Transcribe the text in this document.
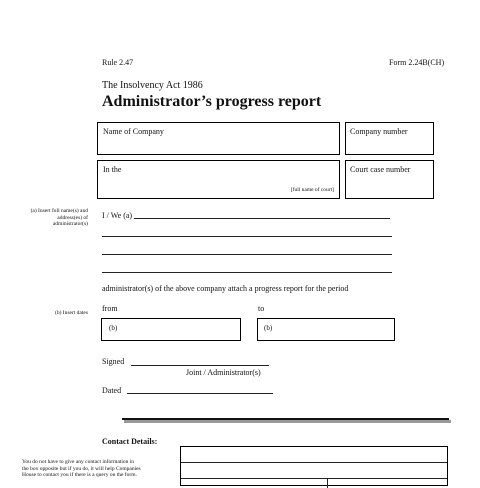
Rule 2.47	Form 2.24B(CH)
The Insolvency Act 1986
Administrator’s progress report
Name of Company	Company number
In the
[full name of court]
Court case number
(a) Insert full name(s) and
address(es) of
administrator(s)
I / We (a)
administrator(s) of the above company attach a progress report for the period
from	to
(b) Insert dates
(b)	(b)
Signed
Joint / Administrator(s)
Dated
Contact Details:
You do not have to give any contact information in
the box opposite but if you do, it will help Companies
House to contact you if there is a query on the form.
